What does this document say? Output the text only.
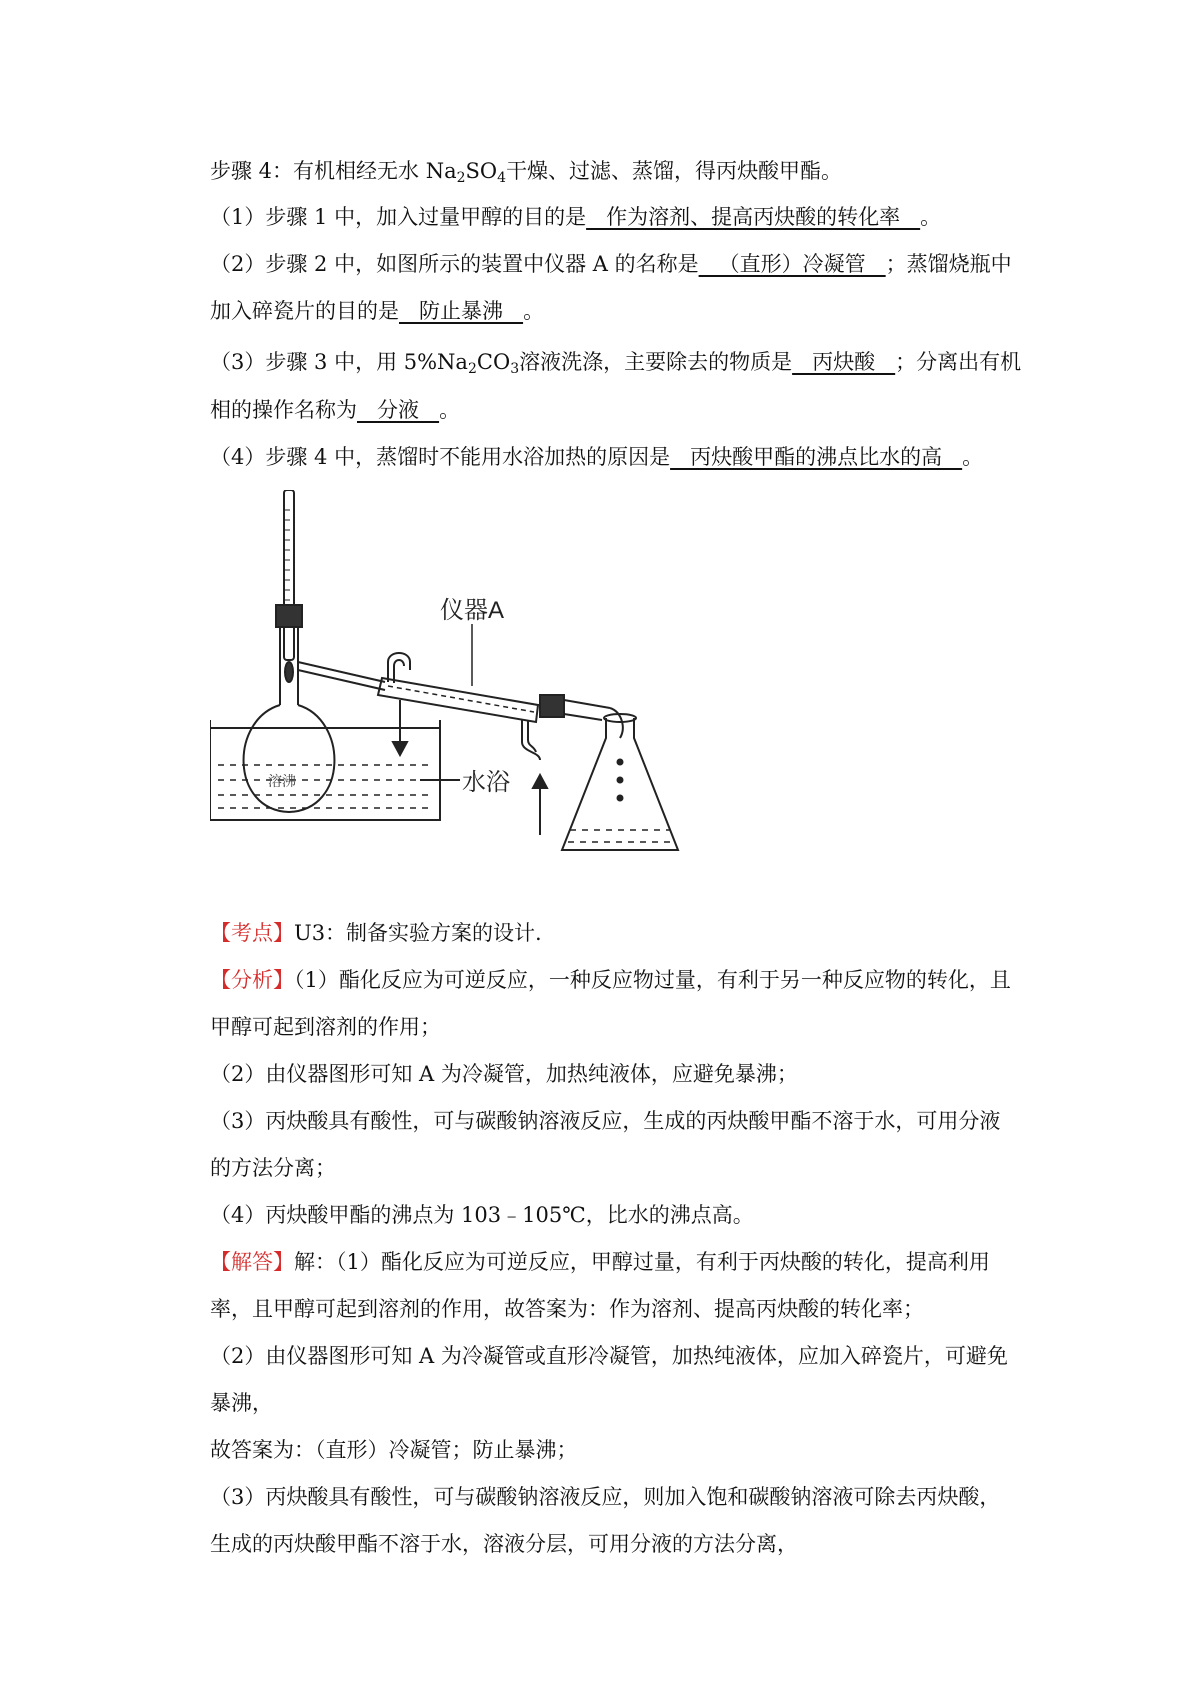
步骤 4：有机相经无水 $Na_2SO_4$干燥、过滤、蒸馏，得丙炔酸甲酯。
（1）步骤 1 中，加入过量甲醇的目的是   作为溶剂、提高丙炔酸的转化率   。
（2）步骤 2 中，如图所示的装置中仪器 A 的名称是   （直形）冷凝管   ；蒸馏烧瓶中
加入碎瓷片的目的是   防止暴沸   。
（3）步骤 3 中，用 $5\%Na_2CO_3$溶液洗涤，主要除去的物质是   丙炔酸   ；分离出有机
相的操作名称为   分液   。
（4）步骤 4 中，蒸馏时不能用水浴加热的原因是   丙炔酸甲酯的沸点比水的高   。
仪器A
水浴
溶沸
【考点】U3：制备实验方案的设计.
【分析】（1）酯化反应为可逆反应，一种反应物过量，有利于另一种反应物的转化，且
甲醇可起到溶剂的作用；
（2）由仪器图形可知 A 为冷凝管，加热纯液体，应避免暴沸；
（3）丙炔酸具有酸性，可与碳酸钠溶液反应，生成的丙炔酸甲酯不溶于水，可用分液
的方法分离；
（4）丙炔酸甲酯的沸点为 103﹣105℃，比水的沸点高。
【解答】解：（1）酯化反应为可逆反应，甲醇过量，有利于丙炔酸的转化，提高利用
率，且甲醇可起到溶剂的作用，故答案为：作为溶剂、提高丙炔酸的转化率；
（2）由仪器图形可知 A 为冷凝管或直形冷凝管，加热纯液体，应加入碎瓷片，可避免
暴沸，
故答案为：（直形）冷凝管；防止暴沸；
（3）丙炔酸具有酸性，可与碳酸钠溶液反应，则加入饱和碳酸钠溶液可除去丙炔酸，
生成的丙炔酸甲酯不溶于水，溶液分层，可用分液的方法分离，
